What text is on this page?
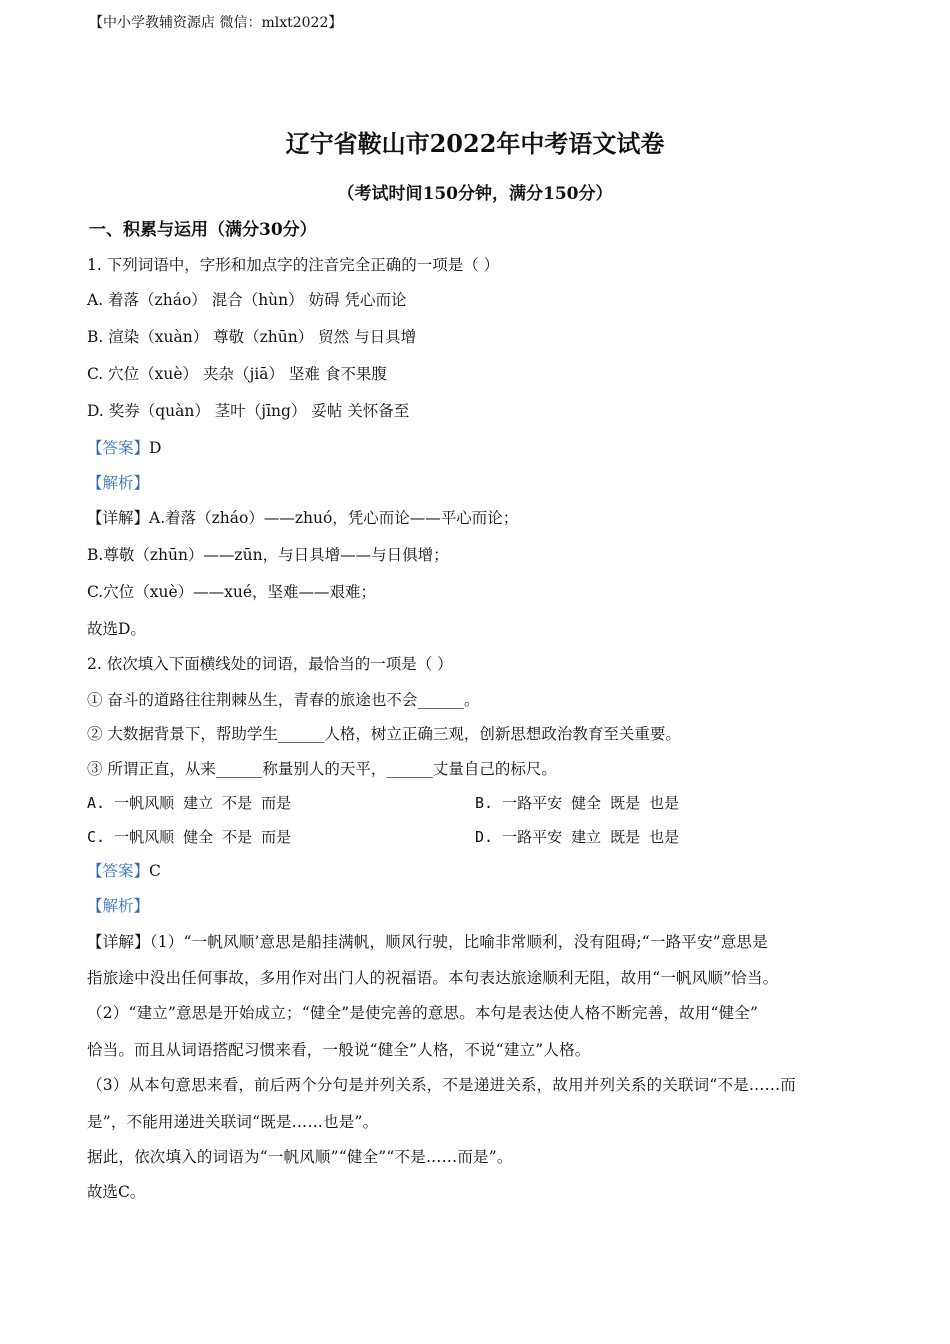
【中小学教辅资源店 微信：mlxt2022】
辽宁省鞍山市2022年中考语文试卷
（考试时间150分钟，满分150分）
一、积累与运用（满分30分）
1. 下列词语中，字形和加点字的注音完全正确的一项是（ ）
A. 着落（zháo） 混合（hùn） 妨碍 凭心而论
B. 渲染（xuàn） 尊敬（zhūn） 贸然 与日具增
C. 穴位（xuè） 夹杂（jiā） 坚难 食不果腹
D. 奖券（quàn） 茎叶（jīng） 妥帖 关怀备至
【答案】D
【解析】
【详解】A.着落（zháo）——zhuó，凭心而论——平心而论；
B.尊敬（zhūn）——zūn，与日具增——与日俱增；
C.穴位（xuè）——xué，坚难——艰难；
故选D。
2. 依次填入下面横线处的词语，最恰当的一项是（ ）
① 奋斗的道路往往荆棘丛生，青春的旅途也不会______。
② 大数据背景下，帮助学生______人格，树立正确三观，创新思想政治教育至关重要。
③ 所谓正直，从来______称量别人的天平，______丈量自己的标尺。
A. 一帆风顺 建立 不是 而是	B. 一路平安 健全 既是 也是
C. 一帆风顺 健全 不是 而是	D. 一路平安 建立 既是 也是
【答案】C
【解析】
【详解】（1）“一帆风顺’意思是船挂满帆，顺风行驶，比喻非常顺利，没有阻碍;“一路平安”意思是
指旅途中没出任何事故，多用作对出门人的祝福语。本句表达旅途顺利无阻，故用“一帆风顺”恰当。
（2）“建立”意思是开始成立；“健全”是使完善的意思。本句是表达使人格不断完善，故用“健全”
恰当。而且从词语搭配习惯来看，一般说“健全”人格，不说“建立”人格。
（3）从本句意思来看，前后两个分句是并列关系，不是递进关系，故用并列关系的关联词“不是……而
是”，不能用递进关联词“既是……也是”。
据此，依次填入的词语为“一帆风顺”“健全”“不是……而是”。
故选C。
